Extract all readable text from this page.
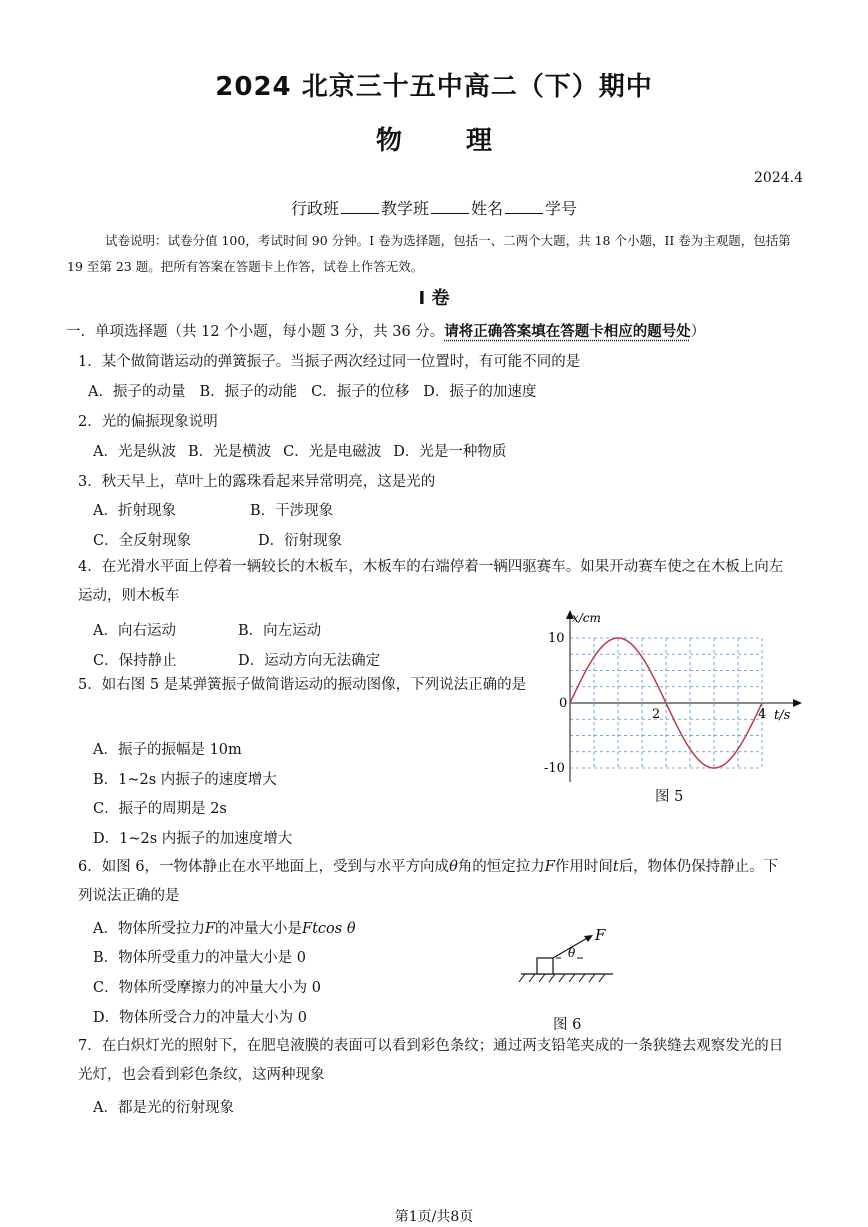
2024 北京三十五中高二（下）期中
物 理
2024.4
行政班	教学班	姓名	学号
试卷说明：试卷分值 100，考试时间 90 分钟。I 卷为选择题，包括一、二两个大题，共 18 个小题，II 卷为主观题，包括第 19 至第 23 题。把所有答案在答题卡上作答，试卷上作答无效。
I 卷
一．单项选择题（共 12 个小题，每小题 3 分，共 36 分。请将正确答案填在答题卡相应的题号处）
1．某个做简谐运动的弹簧振子。当振子两次经过同一位置时，有可能不同的是
A．振子的动量 B．振子的动能 C．振子的位移 D．振子的加速度
2．光的偏振现象说明
A．光是纵波 B．光是横波 C．光是电磁波 D．光是一种物质
3．秋天早上，草叶上的露珠看起来异常明亮，这是光的
A．折射现象	B．干涉现象
C．全反射现象	D．衍射现象
4．在光滑水平面上停着一辆较长的木板车，木板车的右端停着一辆四驱赛车。如果开动赛车使之在木板上向左运动，则木板车
A．向右运动	B．向左运动
C．保持静止	D．运动方向无法确定
5．如右图 5 是某弹簧振子做简谐运动的振动图像，下列说法正确的是
A．振子的振幅是 10m
B．1~2s 内振子的速度增大
C．振子的周期是 2s
D．1~2s 内振子的加速度增大
x/cm
t/s
10
0
-10
2	4
图 5
6．如图 6，一物体静止在水平地面上，受到与水平方向成θ角的恒定拉力F作用时间t后，物体仍保持静止。下列说法正确的是
A．物体所受拉力F的冲量大小是Ftcos θ
B．物体所受重力的冲量大小是 0
C．物体所受摩擦力的冲量大小为 0
D．物体所受合力的冲量大小为 0
F
θ
图 6
7．在白炽灯光的照射下，在肥皂液膜的表面可以看到彩色条纹；通过两支铅笔夹成的一条狭缝去观察发光的日光灯，也会看到彩色条纹，这两种现象
A．都是光的衍射现象
第1页/共8页
